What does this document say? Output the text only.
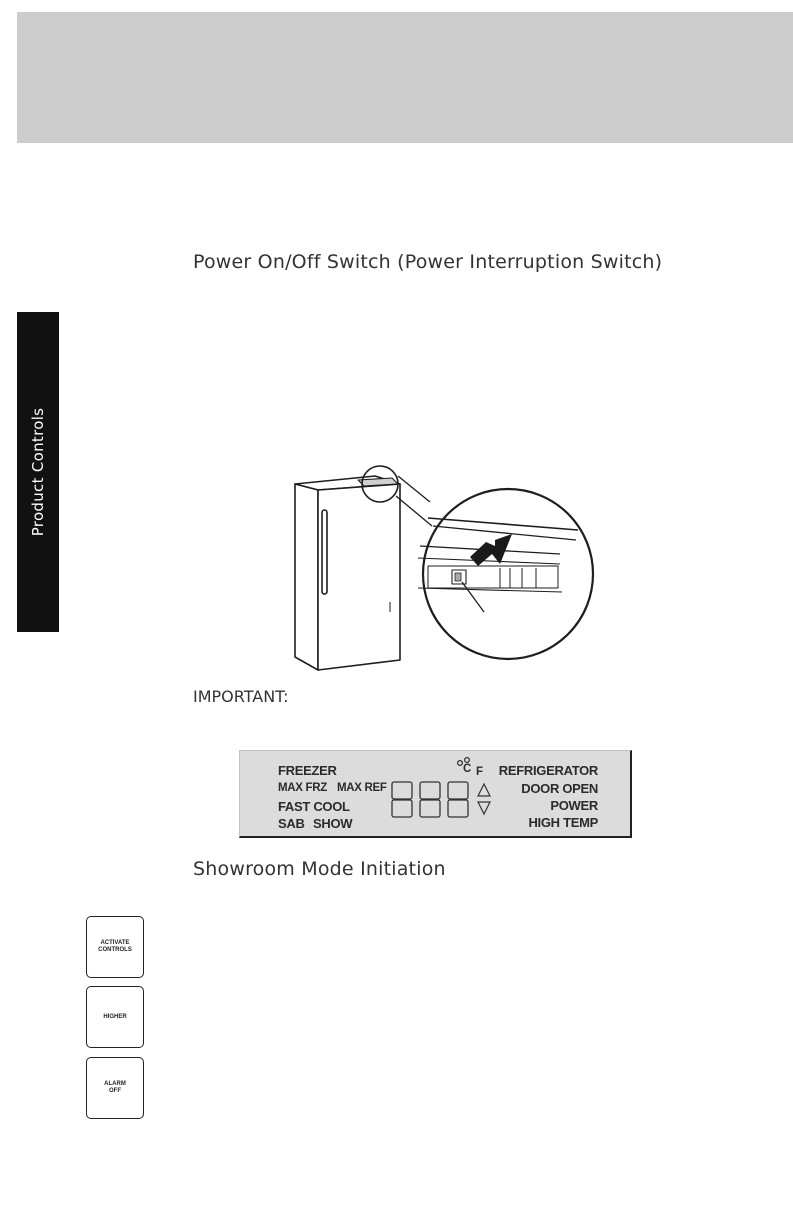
Product Controls
Power On/Off Switch (Power Interruption Switch)
IMPORTANT:
FREEZER
MAX FRZ MAX REF
FAST COOL
SAB SHOW
C F REFRIGERATOR
DOOR OPEN
POWER
HIGH TEMP
Showroom Mode Initiation
ACTIVATE
CONTROLS
HIGHER
ALARM
OFF
